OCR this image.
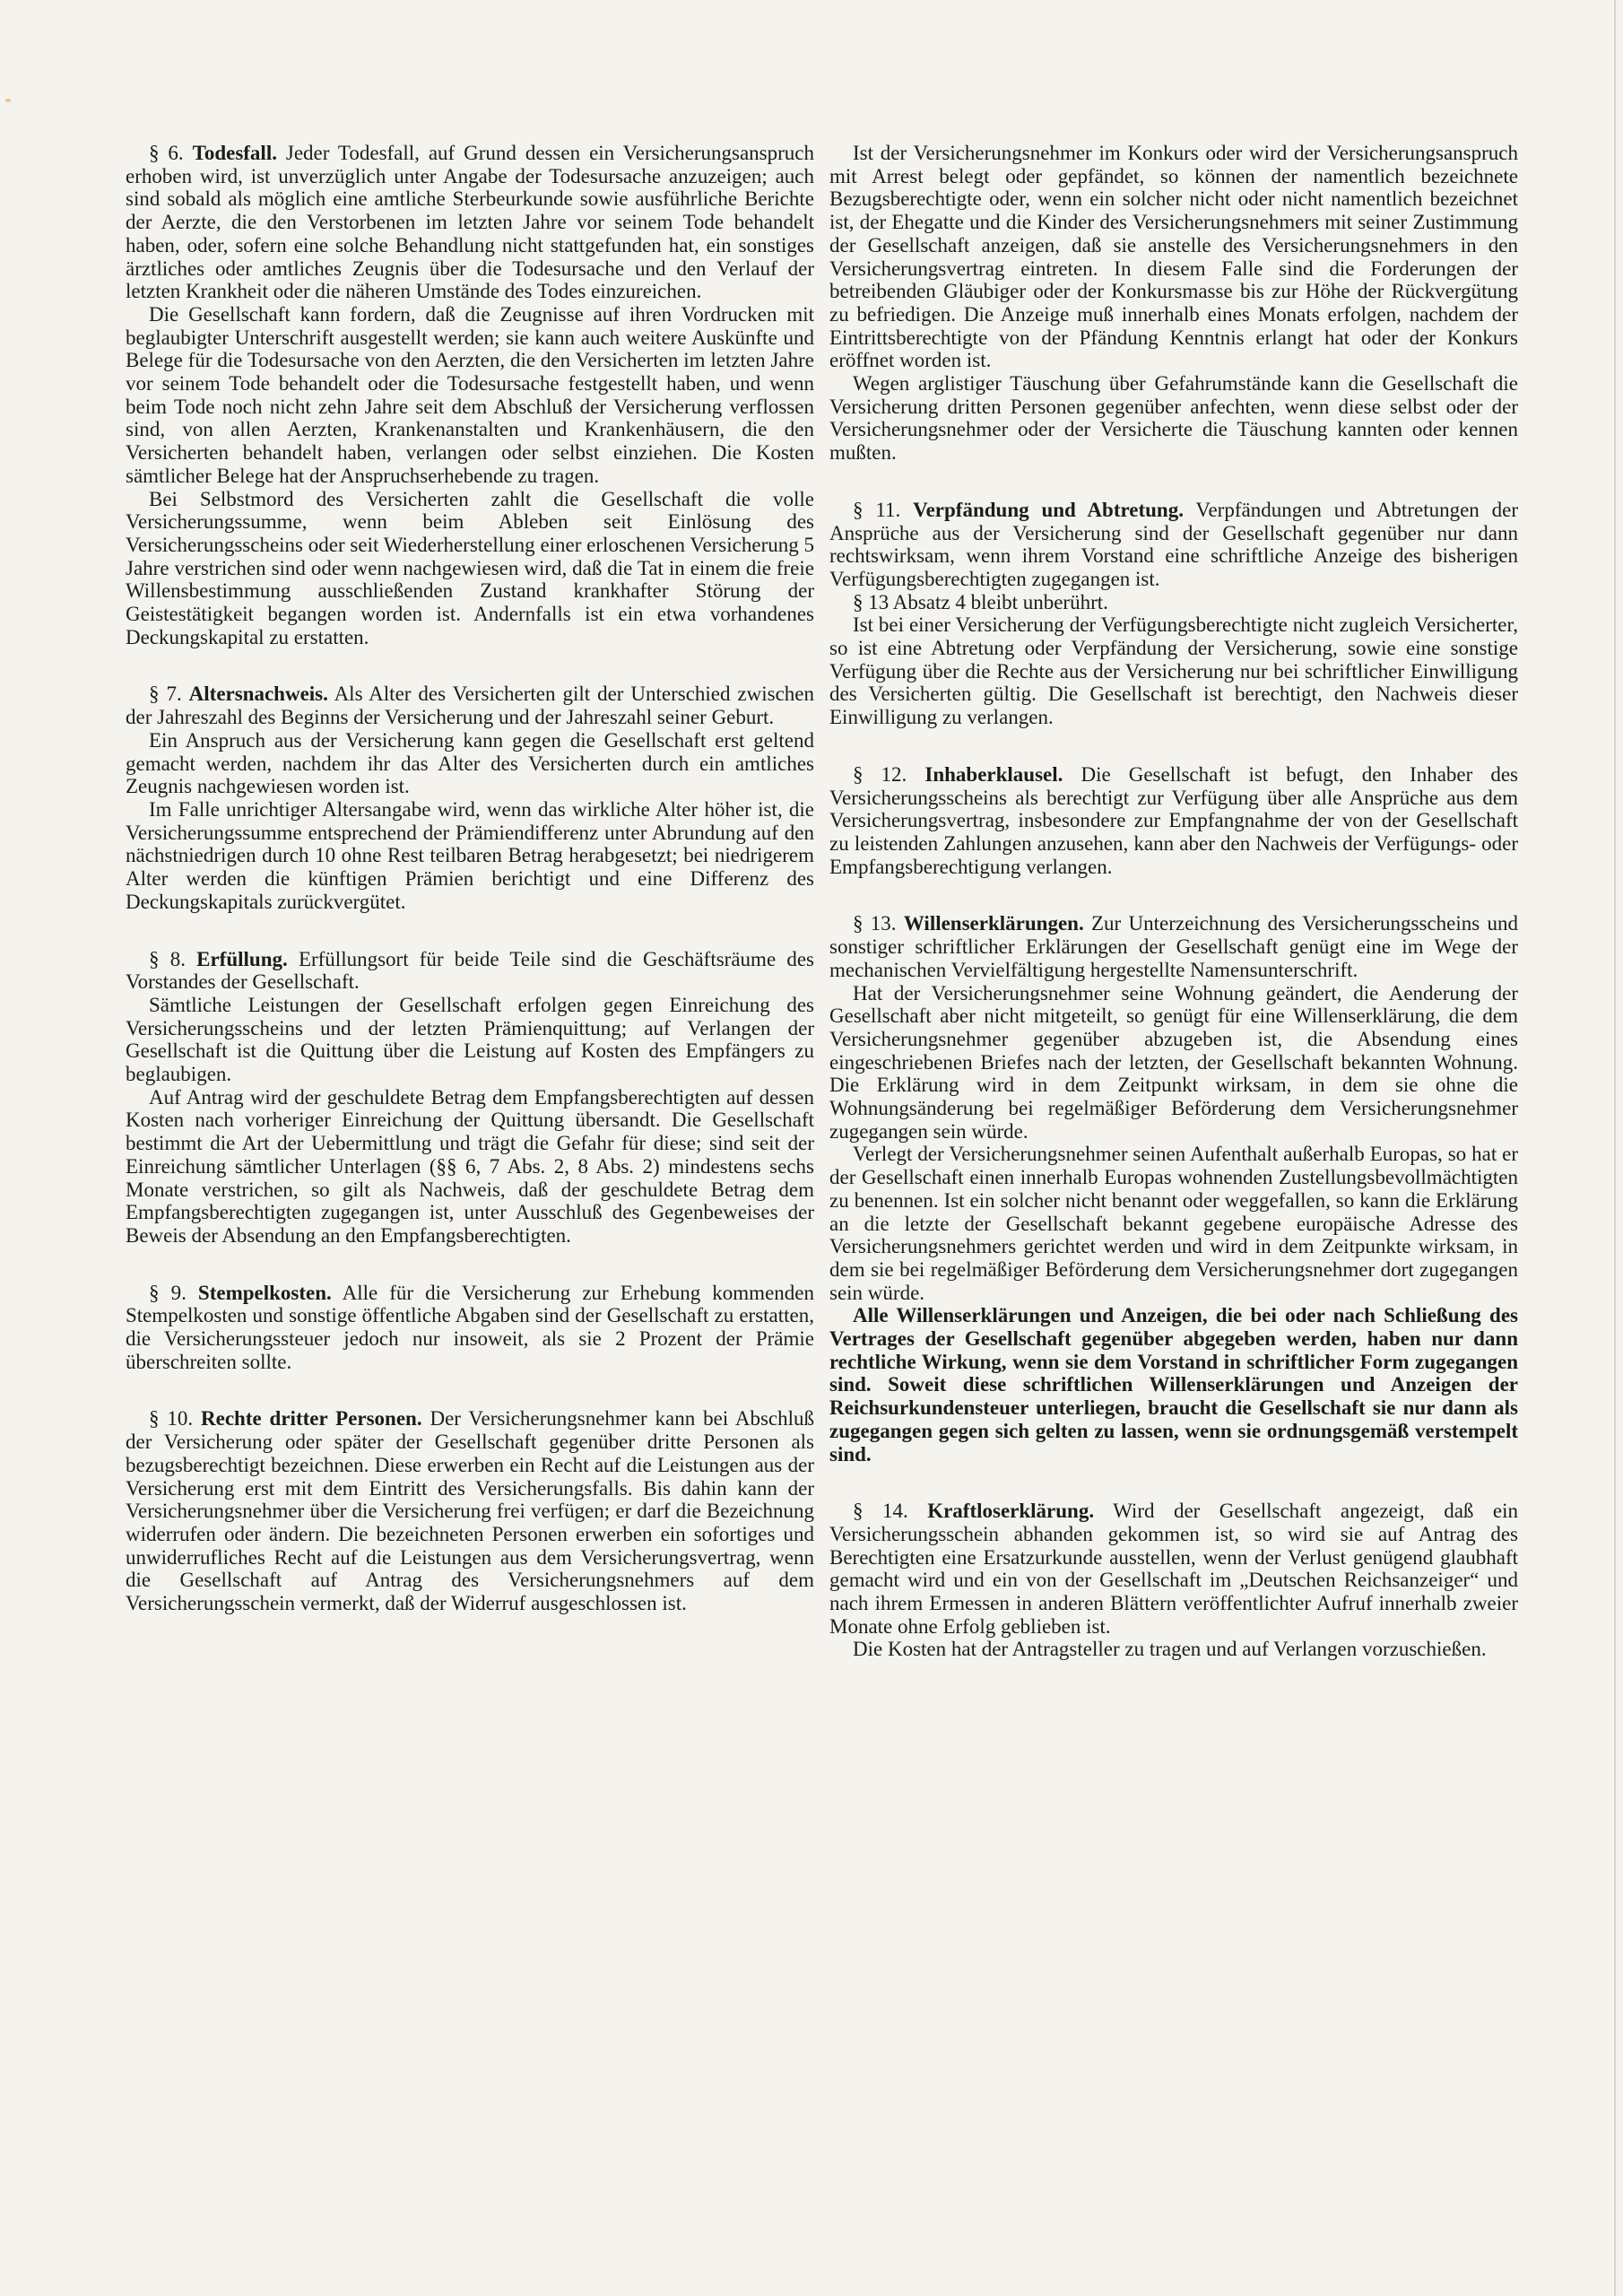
§ 6. Todesfall. Jeder Todesfall, auf Grund dessen ein Versicherungsanspruch erhoben wird, ist unverzüglich unter Angabe der Todesursache anzuzeigen; auch sind sobald als möglich eine amtliche Sterbeurkunde sowie ausführliche Berichte der Aerzte, die den Verstorbenen im letzten Jahre vor seinem Tode behandelt haben, oder, sofern eine solche Behandlung nicht stattgefunden hat, ein sonstiges ärztliches oder amtliches Zeugnis über die Todesursache und den Verlauf der letzten Krankheit oder die näheren Umstände des Todes einzureichen.

Die Gesellschaft kann fordern, daß die Zeugnisse auf ihren Vordrucken mit beglaubigter Unterschrift ausgestellt werden; sie kann auch weitere Auskünfte und Belege für die Todesursache von den Aerzten, die den Versicherten im letzten Jahre vor seinem Tode behandelt oder die Todesursache festgestellt haben, und wenn beim Tode noch nicht zehn Jahre seit dem Abschluß der Versicherung verflossen sind, von allen Aerzten, Krankenanstalten und Krankenhäusern, die den Versicherten behandelt haben, verlangen oder selbst einziehen. Die Kosten sämtlicher Belege hat der Anspruchserhebende zu tragen.

Bei Selbstmord des Versicherten zahlt die Gesellschaft die volle Versicherungssumme, wenn beim Ableben seit Einlösung des Versicherungsscheins oder seit Wiederherstellung einer erloschenen Versicherung 5 Jahre verstrichen sind oder wenn nachgewiesen wird, daß die Tat in einem die freie Willensbestimmung ausschließenden Zustand krankhafter Störung der Geistestätigkeit begangen worden ist. Andernfalls ist ein etwa vorhandenes Deckungskapital zu erstatten.

§ 7. Altersnachweis. Als Alter des Versicherten gilt der Unterschied zwischen der Jahreszahl des Beginns der Versicherung und der Jahreszahl seiner Geburt.

Ein Anspruch aus der Versicherung kann gegen die Gesellschaft erst geltend gemacht werden, nachdem ihr das Alter des Versicherten durch ein amtliches Zeugnis nachgewiesen worden ist.

Im Falle unrichtiger Altersangabe wird, wenn das wirkliche Alter höher ist, die Versicherungssumme entsprechend der Prämiendifferenz unter Abrundung auf den nächstniedrigen durch 10 ohne Rest teilbaren Betrag herabgesetzt; bei niedrigerem Alter werden die künftigen Prämien berichtigt und eine Differenz des Deckungskapitals zurückvergütet.

§ 8. Erfüllung. Erfüllungsort für beide Teile sind die Geschäftsräume des Vorstandes der Gesellschaft.

Sämtliche Leistungen der Gesellschaft erfolgen gegen Einreichung des Versicherungsscheins und der letzten Prämienquittung; auf Verlangen der Gesellschaft ist die Quittung über die Leistung auf Kosten des Empfängers zu beglaubigen.

Auf Antrag wird der geschuldete Betrag dem Empfangsberechtigten auf dessen Kosten nach vorheriger Einreichung der Quittung übersandt. Die Gesellschaft bestimmt die Art der Uebermittlung und trägt die Gefahr für diese; sind seit der Einreichung sämtlicher Unterlagen (§§ 6, 7 Abs. 2, 8 Abs. 2) mindestens sechs Monate verstrichen, so gilt als Nachweis, daß der geschuldete Betrag dem Empfangsberechtigten zugegangen ist, unter Ausschluß des Gegenbeweises der Beweis der Absendung an den Empfangsberechtigten.

§ 9. Stempelkosten. Alle für die Versicherung zur Erhebung kommenden Stempelkosten und sonstige öffentliche Abgaben sind der Gesellschaft zu erstatten, die Versicherungssteuer jedoch nur insoweit, als sie 2 Prozent der Prämie überschreiten sollte.

§ 10. Rechte dritter Personen. Der Versicherungsnehmer kann bei Abschluß der Versicherung oder später der Gesellschaft gegenüber dritte Personen als bezugsberechtigt bezeichnen. Diese erwerben ein Recht auf die Leistungen aus der Versicherung erst mit dem Eintritt des Versicherungsfalls. Bis dahin kann der Versicherungsnehmer über die Versicherung frei verfügen; er darf die Bezeichnung widerrufen oder ändern. Die bezeichneten Personen erwerben ein sofortiges und unwiderrufliches Recht auf die Leistungen aus dem Versicherungsvertrag, wenn die Gesellschaft auf Antrag des Versicherungsnehmers auf dem Versicherungsschein vermerkt, daß der Widerruf ausgeschlossen ist.

Ist der Versicherungsnehmer im Konkurs oder wird der Versicherungsanspruch mit Arrest belegt oder gepfändet, so können der namentlich bezeichnete Bezugsberechtigte oder, wenn ein solcher nicht oder nicht namentlich bezeichnet ist, der Ehegatte und die Kinder des Versicherungsnehmers mit seiner Zustimmung der Gesellschaft anzeigen, daß sie anstelle des Versicherungsnehmers in den Versicherungsvertrag eintreten. In diesem Falle sind die Forderungen der betreibenden Gläubiger oder der Konkursmasse bis zur Höhe der Rückvergütung zu befriedigen. Die Anzeige muß innerhalb eines Monats erfolgen, nachdem der Eintrittsberechtigte von der Pfändung Kenntnis erlangt hat oder der Konkurs eröffnet worden ist.

Wegen arglistiger Täuschung über Gefahrumstände kann die Gesellschaft die Versicherung dritten Personen gegenüber anfechten, wenn diese selbst oder der Versicherungsnehmer oder der Versicherte die Täuschung kannten oder kennen mußten.

§ 11. Verpfändung und Abtretung. Verpfändungen und Abtretungen der Ansprüche aus der Versicherung sind der Gesellschaft gegenüber nur dann rechtswirksam, wenn ihrem Vorstand eine schriftliche Anzeige des bisherigen Verfügungsberechtigten zugegangen ist.

§ 13 Absatz 4 bleibt unberührt.

Ist bei einer Versicherung der Verfügungsberechtigte nicht zugleich Versicherter, so ist eine Abtretung oder Verpfändung der Versicherung, sowie eine sonstige Verfügung über die Rechte aus der Versicherung nur bei schriftlicher Einwilligung des Versicherten gültig. Die Gesellschaft ist berechtigt, den Nachweis dieser Einwilligung zu verlangen.

§ 12. Inhaberklausel. Die Gesellschaft ist befugt, den Inhaber des Versicherungsscheins als berechtigt zur Verfügung über alle Ansprüche aus dem Versicherungsvertrag, insbesondere zur Empfangnahme der von der Gesellschaft zu leistenden Zahlungen anzusehen, kann aber den Nachweis der Verfügungs- oder Empfangsberechtigung verlangen.

§ 13. Willenserklärungen. Zur Unterzeichnung des Versicherungsscheins und sonstiger schriftlicher Erklärungen der Gesellschaft genügt eine im Wege der mechanischen Vervielfältigung hergestellte Namensunterschrift.

Hat der Versicherungsnehmer seine Wohnung geändert, die Aenderung der Gesellschaft aber nicht mitgeteilt, so genügt für eine Willenserklärung, die dem Versicherungsnehmer gegenüber abzugeben ist, die Absendung eines eingeschriebenen Briefes nach der letzten, der Gesellschaft bekannten Wohnung. Die Erklärung wird in dem Zeitpunkt wirksam, in dem sie ohne die Wohnungsänderung bei regelmäßiger Beförderung dem Versicherungsnehmer zugegangen sein würde.

Verlegt der Versicherungsnehmer seinen Aufenthalt außerhalb Europas, so hat er der Gesellschaft einen innerhalb Europas wohnenden Zustellungsbevollmächtigten zu benennen. Ist ein solcher nicht benannt oder weggefallen, so kann die Erklärung an die letzte der Gesellschaft bekannt gegebene europäische Adresse des Versicherungsnehmers gerichtet werden und wird in dem Zeitpunkte wirksam, in dem sie bei regelmäßiger Beförderung dem Versicherungsnehmer dort zugegangen sein würde.

Alle Willenserklärungen und Anzeigen, die bei oder nach Schließung des Vertrages der Gesellschaft gegenüber abgegeben werden, haben nur dann rechtliche Wirkung, wenn sie dem Vorstand in schriftlicher Form zugegangen sind. Soweit diese schriftlichen Willenserklärungen und Anzeigen der Reichsurkundensteuer unterliegen, braucht die Gesellschaft sie nur dann als zugegangen gegen sich gelten zu lassen, wenn sie ordnungsgemäß verstempelt sind.

§ 14. Kraftloserklärung. Wird der Gesellschaft angezeigt, daß ein Versicherungsschein abhanden gekommen ist, so wird sie auf Antrag des Berechtigten eine Ersatzurkunde ausstellen, wenn der Verlust genügend glaubhaft gemacht wird und ein von der Gesellschaft im „Deutschen Reichsanzeiger“ und nach ihrem Ermessen in anderen Blättern veröffentlichter Aufruf innerhalb zweier Monate ohne Erfolg geblieben ist.

Die Kosten hat der Antragsteller zu tragen und auf Verlangen vorzuschießen.
